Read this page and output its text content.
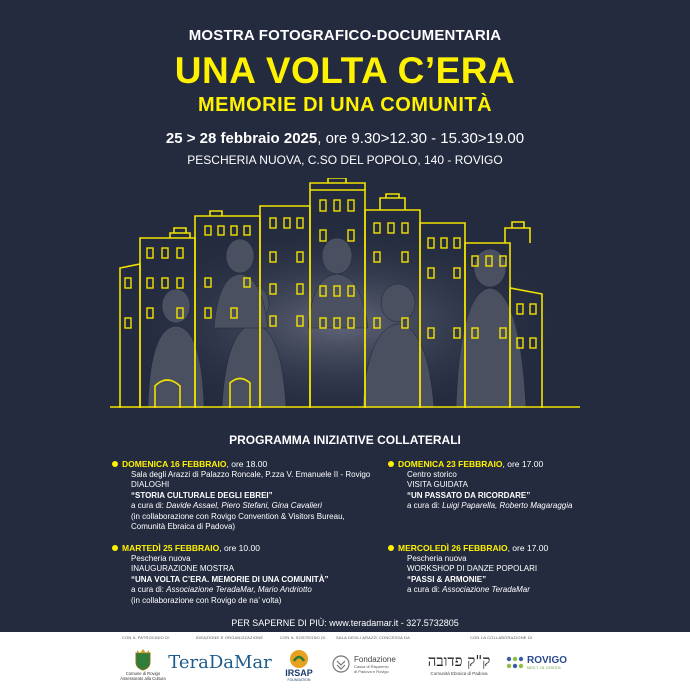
MOSTRA FOTOGRAFICO-DOCUMENTARIA
UNA VOLTA C’ERA
MEMORIE DI UNA COMUNITÀ
25 > 28 febbraio 2025, ore 9.30>12.30 - 15.30>19.00
PESCHERIA NUOVA, C.SO DEL POPOLO, 140 - ROVIGO
PROGRAMMA INIZIATIVE COLLATERALI
DOMENICA 16 FEBBRAIO, ore 18.00
Sala degli Arazzi di Palazzo Roncale, P.zza V. Emanuele II - Rovigo
DIALOGHI
“STORIA CULTURALE DEGLI EBREI”
a cura di: Davide Assael, Piero Stefani, Gina Cavalieri
(in collaborazione con Rovigo Convention & Visitors Bureau,
Comunità Ebraica di Padova)
DOMENICA 23 FEBBRAIO, ore 17.00
Centro storico
VISITA GUIDATA
“UN PASSATO DA RICORDARE”
a cura di: Luigi Paparella, Roberto Magaraggia
MARTEDÌ 25 FEBBRAIO, ore 10.00
Pescheria nuova
INAUGURAZIONE MOSTRA
“UNA VOLTA C’ERA. MEMORIE DI UNA COMUNITÀ”
a cura di: Associazione TeradaMar, Mario Andriotto
(in collaborazione con Rovigo de na’ volta)
MERCOLEDÌ 26 FEBBRAIO, ore 17.00
Pescheria nuova
WORKSHOP DI DANZE POPOLARI
“PASSI & ARMONIE”
a cura di: Associazione TeradaMar
PER SAPERNE DI PIÙ: www.teradamar.it - 327.5732805
CON IL PATROCINIO DI	IDEAZIONE E ORGANIZZAZIONE	CON IL SOSTEGNO DI	SALA DEGLI ARAZZI CONCESSA DA	CON LA COLLABORAZIONE DI
Comune di Rovigo
Assessorato alla Cultura
TeraDaMar IRSAP
FOUNDATION
Fondazione
Cassa di Risparmio
di Padova e Rovigo
ק"ק פדובה
Comunità Ebraica di Padova
ROVIGO
MEET IN GREEN
